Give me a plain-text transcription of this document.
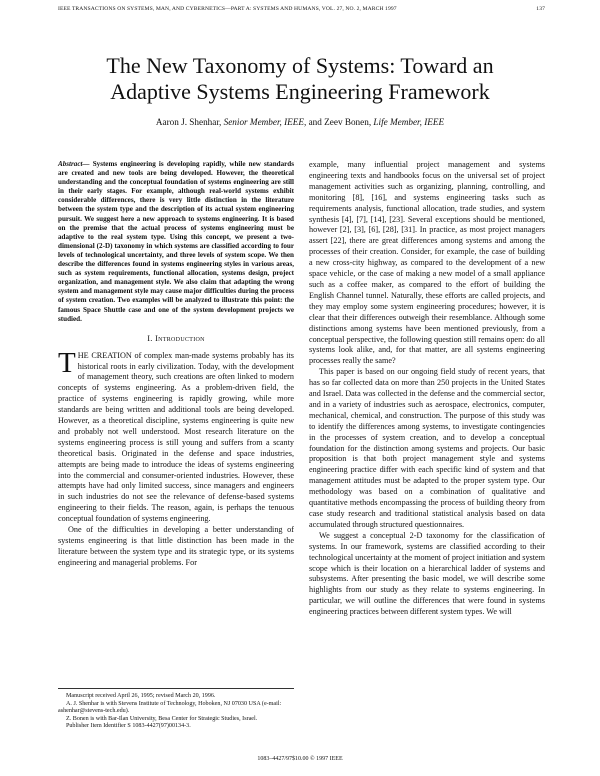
IEEE TRANSACTIONS ON SYSTEMS, MAN, AND CYBERNETICS—PART A: SYSTEMS AND HUMANS, VOL. 27, NO. 2, MARCH 1997	137
The New Taxonomy of Systems: Toward an
Adaptive Systems Engineering Framework
Aaron J. Shenhar, Senior Member, IEEE, and Zeev Bonen, Life Member, IEEE
Abstract— Systems engineering is developing rapidly, while new standards are created and new tools are being developed. However, the theoretical understanding and the conceptual foundation of systems engineering are still in their early stages. For example, although real-world systems exhibit considerable differences, there is very little distinction in the literature between the system type and the description of its actual system engineering pursuit. We suggest here a new approach to systems engineering. It is based on the premise that the actual process of systems engineering must be adaptive to the real system type. Using this concept, we present a two-dimensional (2-D) taxonomy in which systems are classified according to four levels of technological uncertainty, and three levels of system scope. We then describe the differences found in systems engineering styles in various areas, such as system requirements, functional allocation, systems design, project organization, and management style. We also claim that adapting the wrong system and management style may cause major difficulties during the process of system creation. Two examples will be analyzed to illustrate this point: the famous Space Shuttle case and one of the system development projects we studied.
I. Introduction

THE CREATION of complex man-made systems probably has its historical roots in early civilization. Today, with the development of management theory, such creations are often linked to modern concepts of systems engineering. As a problem-driven field, the practice of systems engineering is rapidly growing, while more standards are being written and additional tools are being developed. However, as a theoretical discipline, systems engineering is quite new and probably not well understood. Most research literature on the systems engineering process is still young and suffers from a scanty theoretical basis. Originated in the defense and space industries, attempts are being made to introduce the ideas of systems engineering into the commercial and consumer-oriented industries. However, these attempts have had only limited success, since managers and engineers in such industries do not see the relevance of defense-based systems engineering to their fields. The reason, again, is perhaps the tenuous conceptual foundation of systems engineering.

One of the difficulties in developing a better understanding of systems engineering is that little distinction has been made in the literature between the system type and its strategic type, or its systems engineering and managerial problems. For

Manuscript received April 26, 1995; revised March 20, 1996.
A. J. Shenhar is with Stevens Institute of Technology, Hoboken, NJ 07030 USA (e-mail: ashenhar@stevens-tech.edu).
Z. Bonen is with Bar-Ilan University, Besa Center for Strategic Studies, Israel.
Publisher Item Identifier S 1083-4427(97)00134-3.

example, many influential project management and systems engineering texts and handbooks focus on the universal set of project management activities such as organizing, planning, controlling, and monitoring [8], [16], and systems engineering tasks such as requirements analysis, functional allocation, trade studies, and system synthesis [4], [7], [14], [23]. Several exceptions should be mentioned, however [2], [3], [6], [28], [31]. In practice, as most project managers assert [22], there are great differences among systems and among the processes of their creation. Consider, for example, the case of building a new cross-city highway, as compared to the development of a new space vehicle, or the case of making a new model of a small appliance such as a coffee maker, as compared to the effort of building the English Channel tunnel. Naturally, these efforts are called projects, and they may employ some system engineering procedures; however, it is clear that their differences outweigh their resemblance. Although some distinctions among systems have been mentioned previously, from a conceptual perspective, the following question still remains open: do all systems look alike, and, for that matter, are all systems engineering processes really the same?

This paper is based on our ongoing field study of recent years, that has so far collected data on more than 250 projects in the United States and Israel. Data was collected in the defense and the commercial sector, and in a variety of industries such as aerospace, electronics, computer, mechanical, chemical, and construction. The purpose of this study was to identify the differences among systems, to investigate contingencies in the processes of system creation, and to develop a conceptual foundation for the distinction among systems and projects. Our basic proposition is that both project management style and systems engineering practice differ with each specific kind of system and that management attitudes must be adapted to the proper system type. Our methodology was based on a combination of qualitative and quantitative methods encompassing the process of building theory from case study research and traditional statistical analysis based on data accumulated through structured questionnaires.

We suggest a conceptual 2-D taxonomy for the classification of systems. In our framework, systems are classified according to their technological uncertainty at the moment of project initiation and system scope which is their location on a hierarchical ladder of systems and subsystems. After presenting the basic model, we will describe some highlights from our study as they relate to systems engineering. In particular, we will outline the differences that were found in systems engineering practices between different system types. We will

1083–4427/97$10.00 © 1997 IEEE
